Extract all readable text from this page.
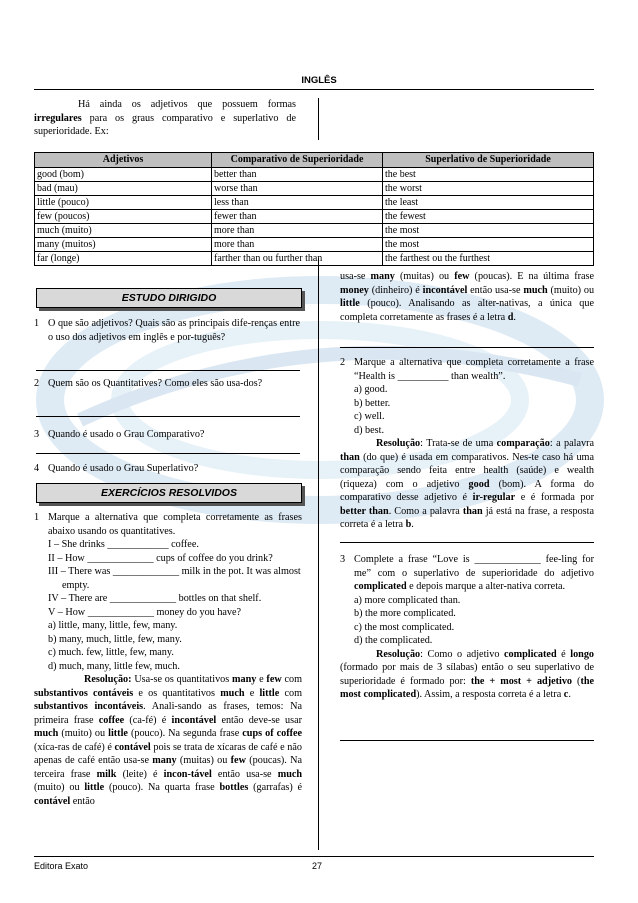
INGLÊS

Há ainda os adjetivos que possuem formas irregulares para os graus comparativo e superlativo de superioridade. Ex:

Adjetivos	Comparativo de Superioridade	Superlativo de Superioridade
good (bom)	better than	the best
bad (mau)	worse than	the worst
little (pouco)	less than	the least
few (poucos)	fewer than	the fewest
much (muito)	more than	the most
many (muitos)	more than	the most
far (longe)	farther than ou further than	the farthest ou the furthest
ESTUDO DIRIGIDO
1 O que são adjetivos? Quais são as principais dife-renças entre o uso dos adjetivos em inglês e por-tuguês?

2 Quem são os Quantitatives? Como eles são usa-dos?

3 Quando é usado o Grau Comparativo?

4 Quando é usado o Grau Superlativo?

EXERCÍCIOS RESOLVIDOS
1 Marque a alternativa que completa corretamente as frases abaixo usando os quantitatives.

I – She drinks ____________ coffee.

II – How _____________ cups of coffee do you drink?

III – There was _____________ milk in the pot. It was almost empty.

IV – There are _____________ bottles on that shelf.

V – How _____________ money do you have?

a) little, many, little, few, many.

b) many, much, little, few, many.

c) much. few, little, few, many.

d) much, many, little few, much.

Resolução: Usa-se os quantitativos many e few com substantivos contáveis e os quantitativos much e little com substantivos incontáveis. Anali-sando as frases, temos: Na primeira frase coffee (ca-fé) é incontável então deve-se usar much (muito) ou little (pouco). Na segunda frase cups of coffee (xíca-ras de café) é contável pois se trata de xícaras de café e não apenas de café então usa-se many (muitas) ou few (poucas). Na terceira frase milk (leite) é incon-tável então usa-se much (muito) ou little (pouco). Na quarta frase bottles (garrafas) é contável então

usa-se many (muitas) ou few (poucas). E na última frase money (dinheiro) é incontável então usa-se much (muito) ou little (pouco). Analisando as alter-nativas, a única que completa corretamente as frases é a letra d.

2 Marque a alternativa que completa corretamente a frase “Health is __________ than wealth”.

a) good.

b) better.

c) well.

d) best.

Resolução: Trata-se de uma comparação: a palavra than (do que) é usada em comparativos. Nes-te caso há uma comparação sendo feita entre health (saúde) e wealth (riqueza) com o adjetivo good (bom). A forma do comparativo desse adjetivo é ir-regular e é formada por better than. Como a palavra than já está na frase, a resposta correta é a letra b.

3 Complete a frase “Love is _____________ fee-ling for me” com o superlativo de superioridade do adjetivo complicated e depois marque a alter-nativa correta.

a) more complicated than.

b) the more complicated.

c) the most complicated.

d) the complicated.

Resolução: Como o adjetivo complicated é longo (formado por mais de 3 sílabas) então o seu superlativo de superioridade é formado por: the + most + adjetivo (the most complicated). Assim, a resposta correta é a letra c.

Editora Exato	27
